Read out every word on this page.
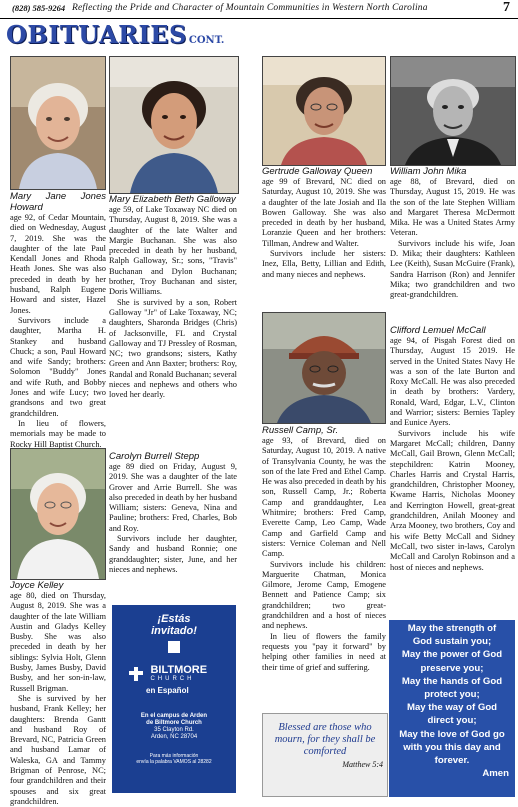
(828) 585-9264 Reflecting the Pride and Character of Mountain Communities in Western North Carolina	7
OBITUARIES CONT.

Mary Jane Jones Howard

age 92, of Cedar Mountain, died on Wednesday, August 7, 2019. She was the daughter of the late Paul Kendall Jones and Rhoda Heath Jones. She was also preceded in death by her husband, Ralph Eugene Howard and sister, Hazel Jones.

Survivors include a daughter, Martha H. Stankey and husband Chuck; a son, Paul Howard and wife Sandy; brothers: Solomon "Buddy" Jones and wife Ruth, and Bobby Jones and wife Lucy; two grandsons and two great grandchildren.

In lieu of flowers, memorials may be made to Rocky Hill Baptist Church.

Joyce Kelley

age 80, died on Thursday, August 8, 2019. She was a daughter of the late William Austin and Gladys Kelley Busby. She was also preceded in death by her siblings: Sylvia Holt, Glenn Busby, James Busby, David Busby, and her son-in-law, Russell Brigman.

She is survived by her husband, Frank Kelley; her daughters: Brenda Gantt and husband Roy of Brevard, NC, Patricia Green and husband Lamar of Waleska, GA and Tammy Brigman of Penrose, NC; four grandchildren and their spouses and six great grandchildren.

Mary Elizabeth Beth Galloway

age 59, of Lake Toxaway NC died on Thursday, August 8, 2019. She was a daughter of the late Walter and Margie Buchanan. She was also preceded in death by her husband, Ralph Galloway, Sr.; sons, "Travis" Buchanan and Dylon Buchanan; brother, Troy Buchanan and sister, Doris Williams.

She is survived by a son, Robert Galloway "Jr" of Lake Toxaway, NC; daughters, Sharonda Bridges (Chris) of Jacksonville, FL and Crystal Galloway and TJ Pressley of Rosman, NC; two grandsons; sisters, Kathy Green and Ann Baxter; brothers: Roy, Randal and Ronald Buchanan; several nieces and nephews and others who loved her dearly.

Carolyn Burrell Stepp

age 89 died on Friday, August 9, 2019. She was a daughter of the late Grover and Arrie Burrell. She was also preceded in death by her husband William; sisters: Geneva, Nina and Pauline; brothers: Fred, Charles, Bob and Roy.

Survivors include her daughter, Sandy and husband Ronnie; one granddaughter; sister, June, and her nieces and nephews.

¡Estás
invitado!

BILTMORE
CHURCH
en Español
En el campus de Arden
de Biltmore Church
35 Clayton Rd.
Arden, NC 28704
Para más información
envía la palabra VAMOS al 28282

Gertrude Galloway Queen

age 99 of Brevard, NC died on Saturday, August 10, 2019. She was a daughter of the late Josiah and Ila Bowen Galloway. She was also preceded in death by her husband, Loranzie Queen and her brothers: Tillman, Andrew and Walter.

Survivors include her sisters: Inez, Ella, Betty, Lillian and Edith, and many nieces and nephews.

Russell Camp, Sr.

age 93, of Brevard, died on Saturday, August 10, 2019. A native of Transylvania County, he was the son of the late Fred and Ethel Camp. He was also preceded in death by his son, Russell Camp, Jr.; Roberta Camp and granddaughter, Lea Whitmire; brothers: Fred Camp, Everette Camp, Leo Camp, Wade Camp and Garfield Camp and sisters: Vernice Coleman and Nell Camp.

Survivors include his children: Marguerite Chatman, Monica Gilmore, Jerome Camp, Emogene Bennett and Patience Camp; six grandchildren; two great-grandchildren and a host of nieces and nephews.

In lieu of flowers the family requests you "pay it forward" by helping other families in need at their time of grief and suffering.

Blessed are those who mourn, for they shall be comforted
Matthew 5:4

William John Mika

age 88, of Brevard, died on Thursday, August 15, 2019. He was the son of the late Stephen William and Margaret Theresa McDermott Mika. He was a United States Army Veteran.

Survivors include his wife, Joan D. Mika; their daughters: Kathleen Lee (Keith), Susan McGuire (Frank), Sandra Harrison (Ron) and Jennifer Mika; two grandchildren and two great-grandchildren.

Clifford Lemuel McCall

age 94, of Pisgah Forest died on Thursday, August 15 2019. He served in the United States Navy He was a son of the late Burton and Roxy McCall. He was also preceded in death by brothers: Vardery, Ronald, Ward, Edgar, L.V., Clinton and Warrior; sisters: Bernies Tapley and Eunice Ayers.

Survivors include his wife Margaret McCall; children, Danny McCall, Gail Brown, Glenn McCall; stepchildren: Katrin Mooney, Charles Harris and Crystal Harris, grandchildren, Christopher Mooney, Kwame Harris, Nicholas Mooney and Kerrington Howell, great-great grandchildren, Anilah Mooney and Arza Mooney, two brothers, Coy and his wife Betty McCall and Sidney McCall, two sister in-laws, Carolyn McCall and Carolyn Robinson and a host of nieces and nephews.

May the strength of
God sustain you;
May the power of God
preserve you;
May the hands of God
protect you;
May the way of God
direct you;
May the love of God go
with you this day and
forever.
Amen
